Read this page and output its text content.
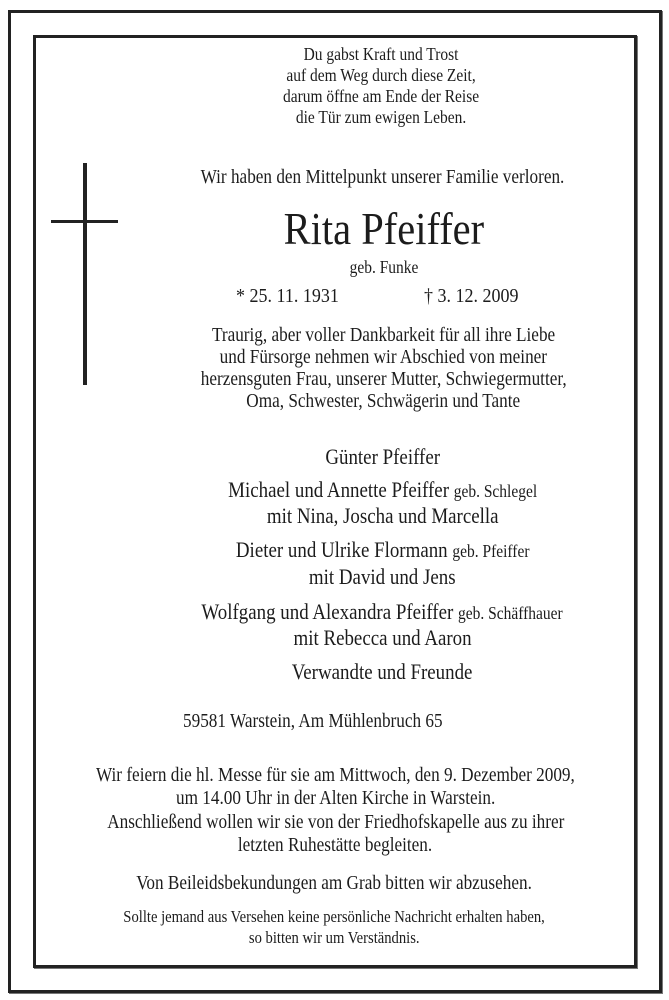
Du gabst Kraft und Trost
auf dem Weg durch diese Zeit,
darum öffne am Ende der Reise
die Tür zum ewigen Leben.
Wir haben den Mittelpunkt unserer Familie verloren.
Rita Pfeiffer
geb. Funke
* 25. 11. 1931	† 3. 12. 2009
Traurig, aber voller Dankbarkeit für all ihre Liebe
und Fürsorge nehmen wir Abschied von meiner
herzensguten Frau, unserer Mutter, Schwiegermutter,
Oma, Schwester, Schwägerin und Tante
Günter Pfeiffer
Michael und Annette Pfeiffer geb. Schlegel
mit Nina, Joscha und Marcella
Dieter und Ulrike Flormann geb. Pfeiffer
mit David und Jens
Wolfgang und Alexandra Pfeiffer geb. Schäffhauer
mit Rebecca und Aaron
Verwandte und Freunde
59581 Warstein, Am Mühlenbruch 65
Wir feiern die hl. Messe für sie am Mittwoch, den 9. Dezember 2009,
um 14.00 Uhr in der Alten Kirche in Warstein.
Anschließend wollen wir sie von der Friedhofskapelle aus zu ihrer
letzten Ruhestätte begleiten.
Von Beileidsbekundungen am Grab bitten wir abzusehen.
Sollte jemand aus Versehen keine persönliche Nachricht erhalten haben,
so bitten wir um Verständnis.
